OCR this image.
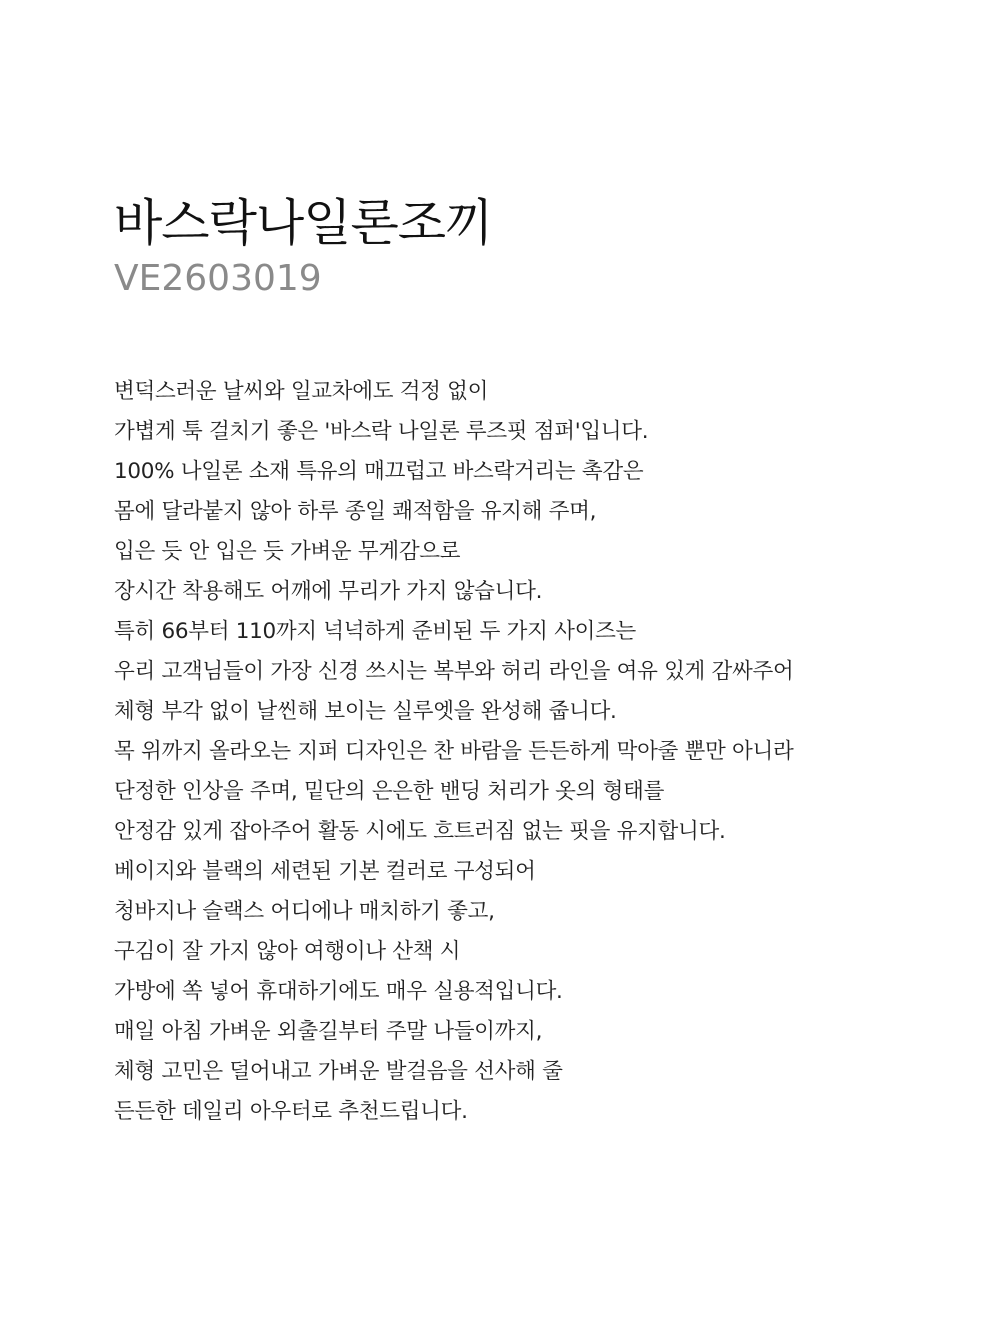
바스락나일론조끼
VE2603019
변덕스러운 날씨와 일교차에도 걱정 없이
가볍게 툭 걸치기 좋은 '바스락 나일론 루즈핏 점퍼'입니다.
100% 나일론 소재 특유의 매끄럽고 바스락거리는 촉감은
몸에 달라붙지 않아 하루 종일 쾌적함을 유지해 주며,
입은 듯 안 입은 듯 가벼운 무게감으로
장시간 착용해도 어깨에 무리가 가지 않습니다.
특히 66부터 110까지 넉넉하게 준비된 두 가지 사이즈는
우리 고객님들이 가장 신경 쓰시는 복부와 허리 라인을 여유 있게 감싸주어
체형 부각 없이 날씬해 보이는 실루엣을 완성해 줍니다.
목 위까지 올라오는 지퍼 디자인은 찬 바람을 든든하게 막아줄 뿐만 아니라
단정한 인상을 주며, 밑단의 은은한 밴딩 처리가 옷의 형태를
안정감 있게 잡아주어 활동 시에도 흐트러짐 없는 핏을 유지합니다.
베이지와 블랙의 세련된 기본 컬러로 구성되어
청바지나 슬랙스 어디에나 매치하기 좋고,
구김이 잘 가지 않아 여행이나 산책 시
가방에 쏙 넣어 휴대하기에도 매우 실용적입니다.
매일 아침 가벼운 외출길부터 주말 나들이까지,
체형 고민은 덜어내고 가벼운 발걸음을 선사해 줄
든든한 데일리 아우터로 추천드립니다.
